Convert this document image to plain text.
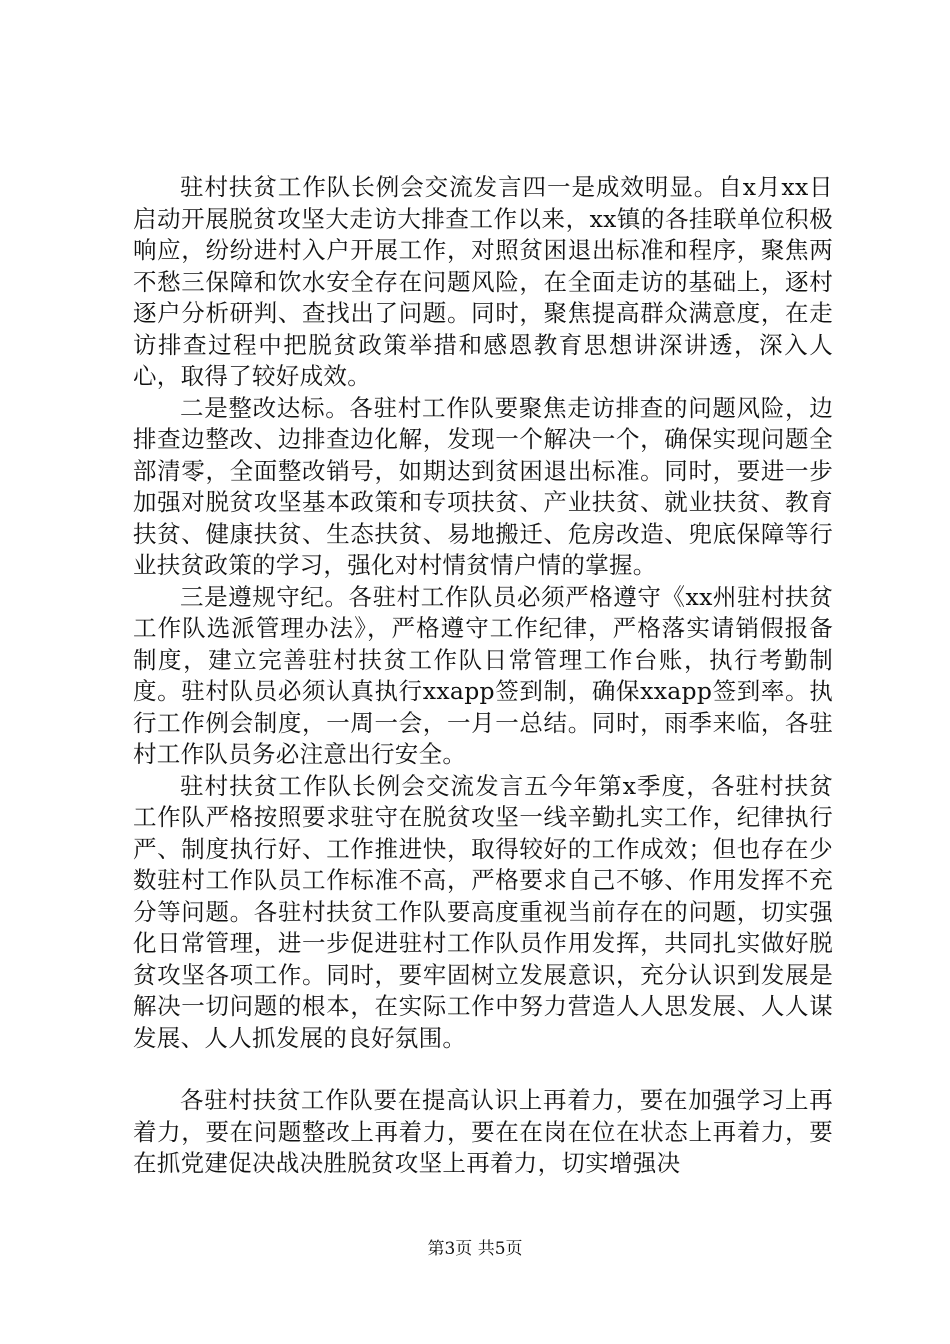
驻村扶贫工作队长例会交流发言四一是成效明显。自x月xx日启动开展脱贫攻坚大走访大排查工作以来，xx镇的各挂联单位积极响应，纷纷进村入户开展工作，对照贫困退出标准和程序，聚焦两不愁三保障和饮水安全存在问题风险，在全面走访的基础上，逐村逐户分析研判、查找出了问题。同时，聚焦提高群众满意度，在走访排查过程中把脱贫政策举措和感恩教育思想讲深讲透，深入人心，取得了较好成效。

二是整改达标。各驻村工作队要聚焦走访排查的问题风险，边排查边整改、边排查边化解，发现一个解决一个，确保实现问题全部清零，全面整改销号，如期达到贫困退出标准。同时，要进一步加强对脱贫攻坚基本政策和专项扶贫、产业扶贫、就业扶贫、教育扶贫、健康扶贫、生态扶贫、易地搬迁、危房改造、兜底保障等行业扶贫政策的学习，强化对村情贫情户情的掌握。

三是遵规守纪。各驻村工作队员必须严格遵守《xx州驻村扶贫工作队选派管理办法》，严格遵守工作纪律，严格落实请销假报备制度，建立完善驻村扶贫工作队日常管理工作台账，执行考勤制度。驻村队员必须认真执行xxapp签到制，确保xxapp签到率。执行工作例会制度，一周一会，一月一总结。同时，雨季来临，各驻村工作队员务必注意出行安全。

驻村扶贫工作队长例会交流发言五今年第x季度，各驻村扶贫工作队严格按照要求驻守在脱贫攻坚一线辛勤扎实工作，纪律执行严、制度执行好、工作推进快，取得较好的工作成效；但也存在少数驻村工作队员工作标准不高，严格要求自己不够、作用发挥不充分等问题。各驻村扶贫工作队要高度重视当前存在的问题，切实强化日常管理，进一步促进驻村工作队员作用发挥，共同扎实做好脱贫攻坚各项工作。同时，要牢固树立发展意识，充分认识到发展是解决一切问题的根本，在实际工作中努力营造人人思发展、人人谋发展、人人抓发展的良好氛围。

各驻村扶贫工作队要在提高认识上再着力，要在加强学习上再着力，要在问题整改上再着力，要在在岗在位在状态上再着力，要在抓党建促决战决胜脱贫攻坚上再着力，切实增强决

第3页 共5页
